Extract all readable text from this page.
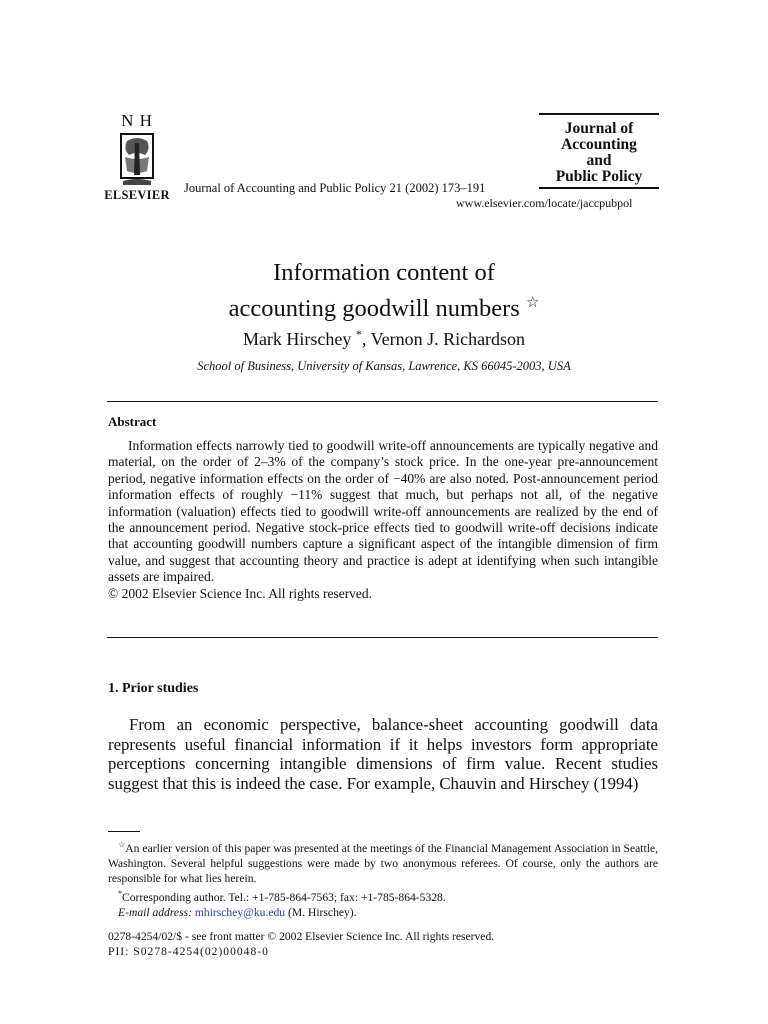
N H
ELSEVIER Journal of Accounting and Public Policy 21 (2002) 173–191
Journal of
Accounting
and
Public Policy
www.elsevier.com/locate/jaccpubpol
Information content of
accounting goodwill numbers ☆
Mark Hirschey *, Vernon J. Richardson
School of Business, University of Kansas, Lawrence, KS 66045-2003, USA
Abstract

Information effects narrowly tied to goodwill write-off announcements are typically negative and material, on the order of 2–3% of the company’s stock price. In the one-year pre-announcement period, negative information effects on the order of −40% are also noted. Post-announcement period information effects of roughly −11% suggest that much, but perhaps not all, of the negative information (valuation) effects tied to goodwill write-off announcements are realized by the end of the announcement period. Negative stock-price effects tied to goodwill write-off decisions indicate that accounting goodwill numbers capture a significant aspect of the intangible dimension of firm value, and suggest that accounting theory and practice is adept at identifying when such intangible assets are impaired.

© 2002 Elsevier Science Inc. All rights reserved.

1. Prior studies

From an economic perspective, balance-sheet accounting goodwill data represents useful financial information if it helps investors form appropriate perceptions concerning intangible dimensions of firm value. Recent studies suggest that this is indeed the case. For example, Chauvin and Hirschey (1994)

☆An earlier version of this paper was presented at the meetings of the Financial Management Association in Seattle, Washington. Several helpful suggestions were made by two anonymous referees. Of course, only the authors are responsible for what lies herein.

*Corresponding author. Tel.: +1-785-864-7563; fax: +1-785-864-5328.

E-mail address: mhirschey@ku.edu (M. Hirschey).

0278-4254/02/$ - see front matter © 2002 Elsevier Science Inc. All rights reserved.
PII: S0278-4254(02)00048-0
